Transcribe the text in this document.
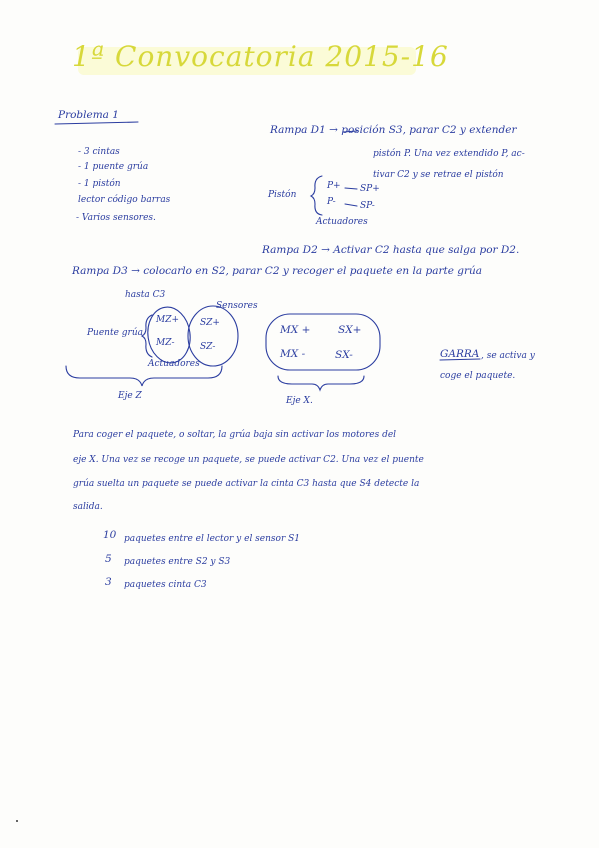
1ª Convocatoria 2015-16
Problema 1
- 3 cintas
- 1 puente grúa
- 1 pistón
lector código barras
- Varios sensores.
Rampa D1 → posición S3, parar C2 y extender
pistón P. Una vez extendido P, ac-
tivar C2 y se retrae el pistón
Pistón
P+
P-
SP+
SP-
Actuadores
Rampa D2 → Activar C2 hasta que salga por D2.
Rampa D3 → colocarlo en S2, parar C2 y recoger el paquete en la parte grúa
hasta C3
Puente grúa
MZ+
MZ-
SZ+
SZ-
Sensores
Actuadores
Eje Z
MX +
MX -
SX+
SX-
Eje X.
GARRA , se activa y
coge el paquete.
Para coger el paquete, o soltar, la grúa baja sin activar los motores del
eje X. Una vez se recoge un paquete, se puede activar C2. Una vez el puente
grúa suelta un paquete se puede activar la cinta C3 hasta que S4 detecte la
salida.
10 paquetes entre el lector y el sensor S1
5 paquetes entre S2 y S3
3 paquetes cinta C3
